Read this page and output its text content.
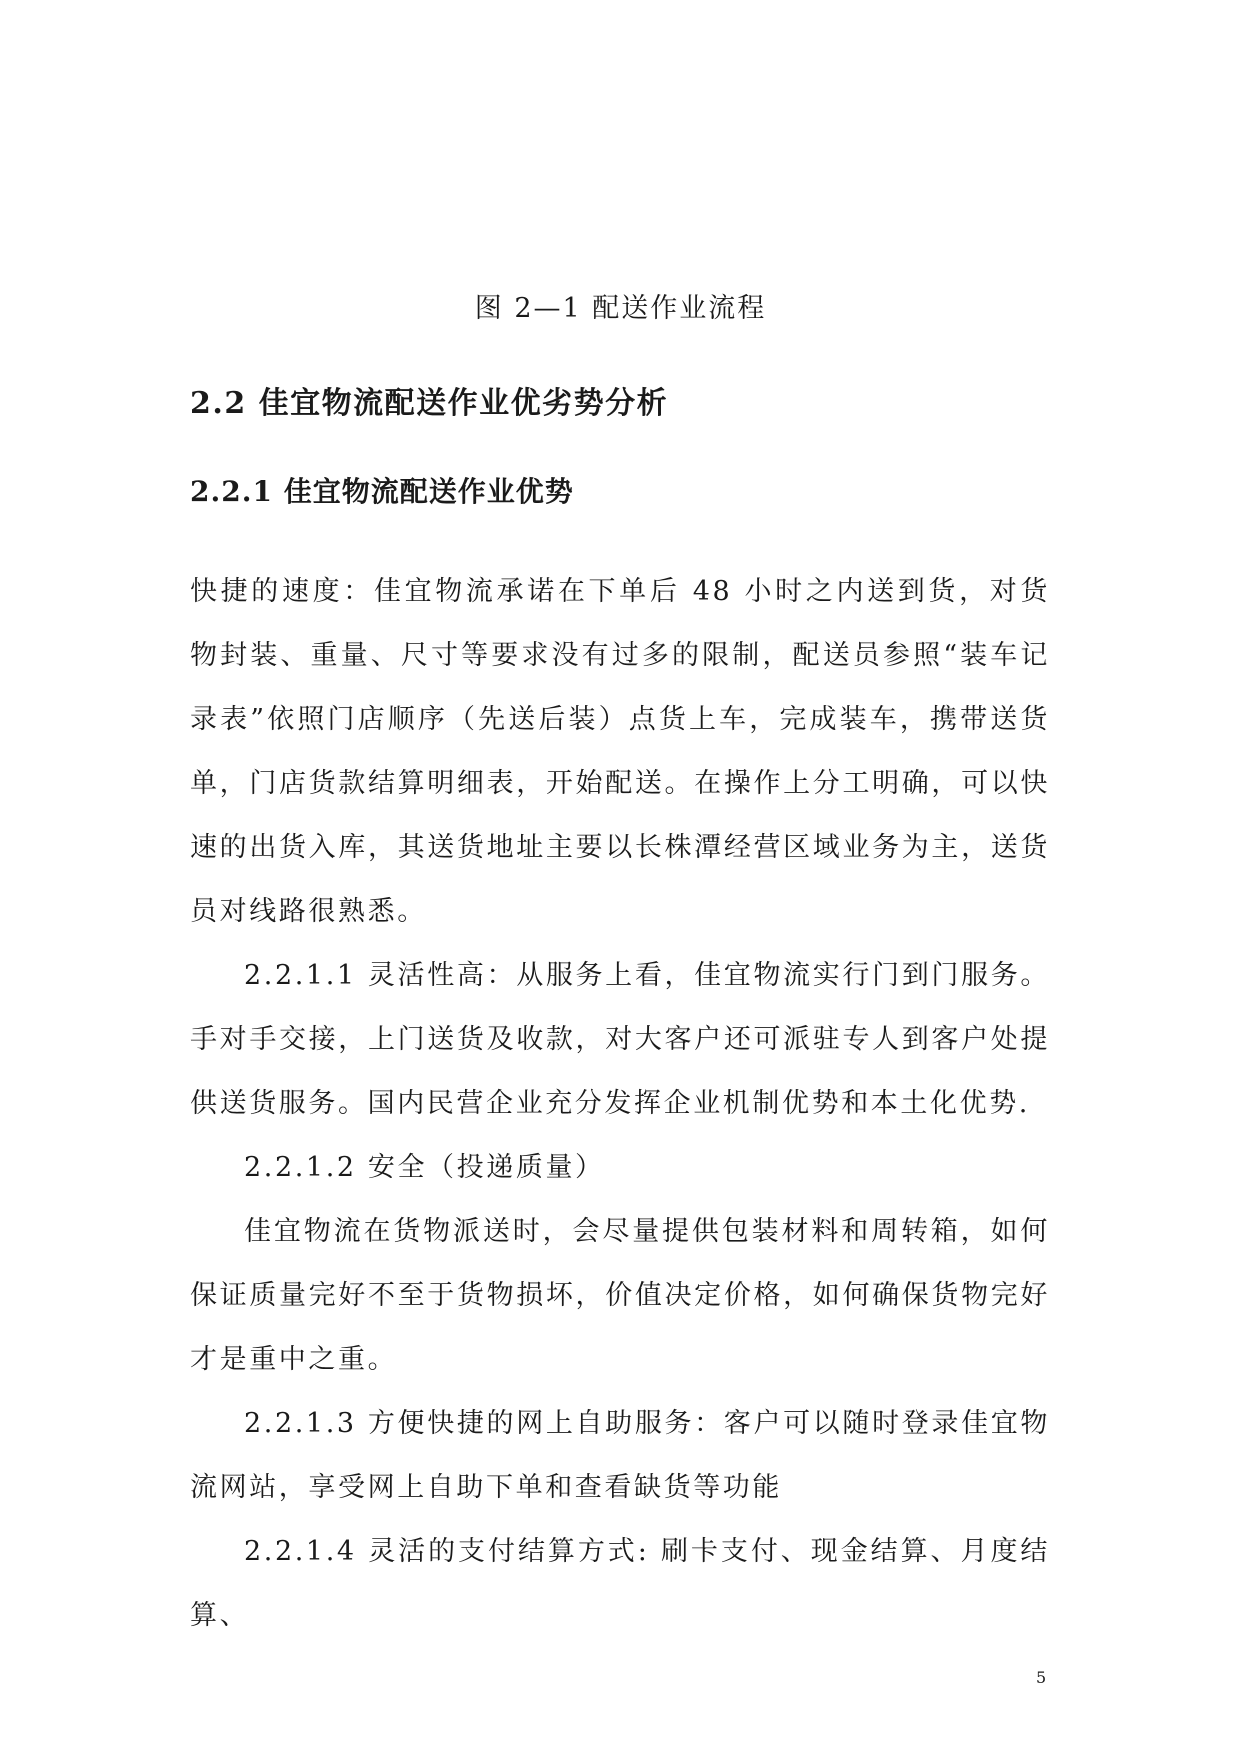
图 2—1 配送作业流程
2.2 佳宜物流配送作业优劣势分析
2.2.1 佳宜物流配送作业优势

快捷的速度：佳宜物流承诺在下单后 48 小时之内送到货，对货物封装、重量、尺寸等要求没有过多的限制，配送员参照“装车记录表”依照门店顺序（先送后装）点货上车，完成装车，携带送货单，门店货款结算明细表，开始配送。在操作上分工明确，可以快速的出货入库，其送货地址主要以长株潭经营区域业务为主，送货员对线路很熟悉。

2.2.1.1 灵活性高：从服务上看，佳宜物流实行门到门服务。手对手交接，上门送货及收款，对大客户还可派驻专人到客户处提供送货服务。国内民营企业充分发挥企业机制优势和本土化优势.

2.2.1.2 安全（投递质量）

佳宜物流在货物派送时，会尽量提供包装材料和周转箱，如何保证质量完好不至于货物损坏，价值决定价格，如何确保货物完好才是重中之重。

2.2.1.3 方便快捷的网上自助服务：客户可以随时登录佳宜物流网站，享受网上自助下单和查看缺货等功能

2.2.1.4 灵活的支付结算方式: 刷卡支付、现金结算、月度结算、

5
